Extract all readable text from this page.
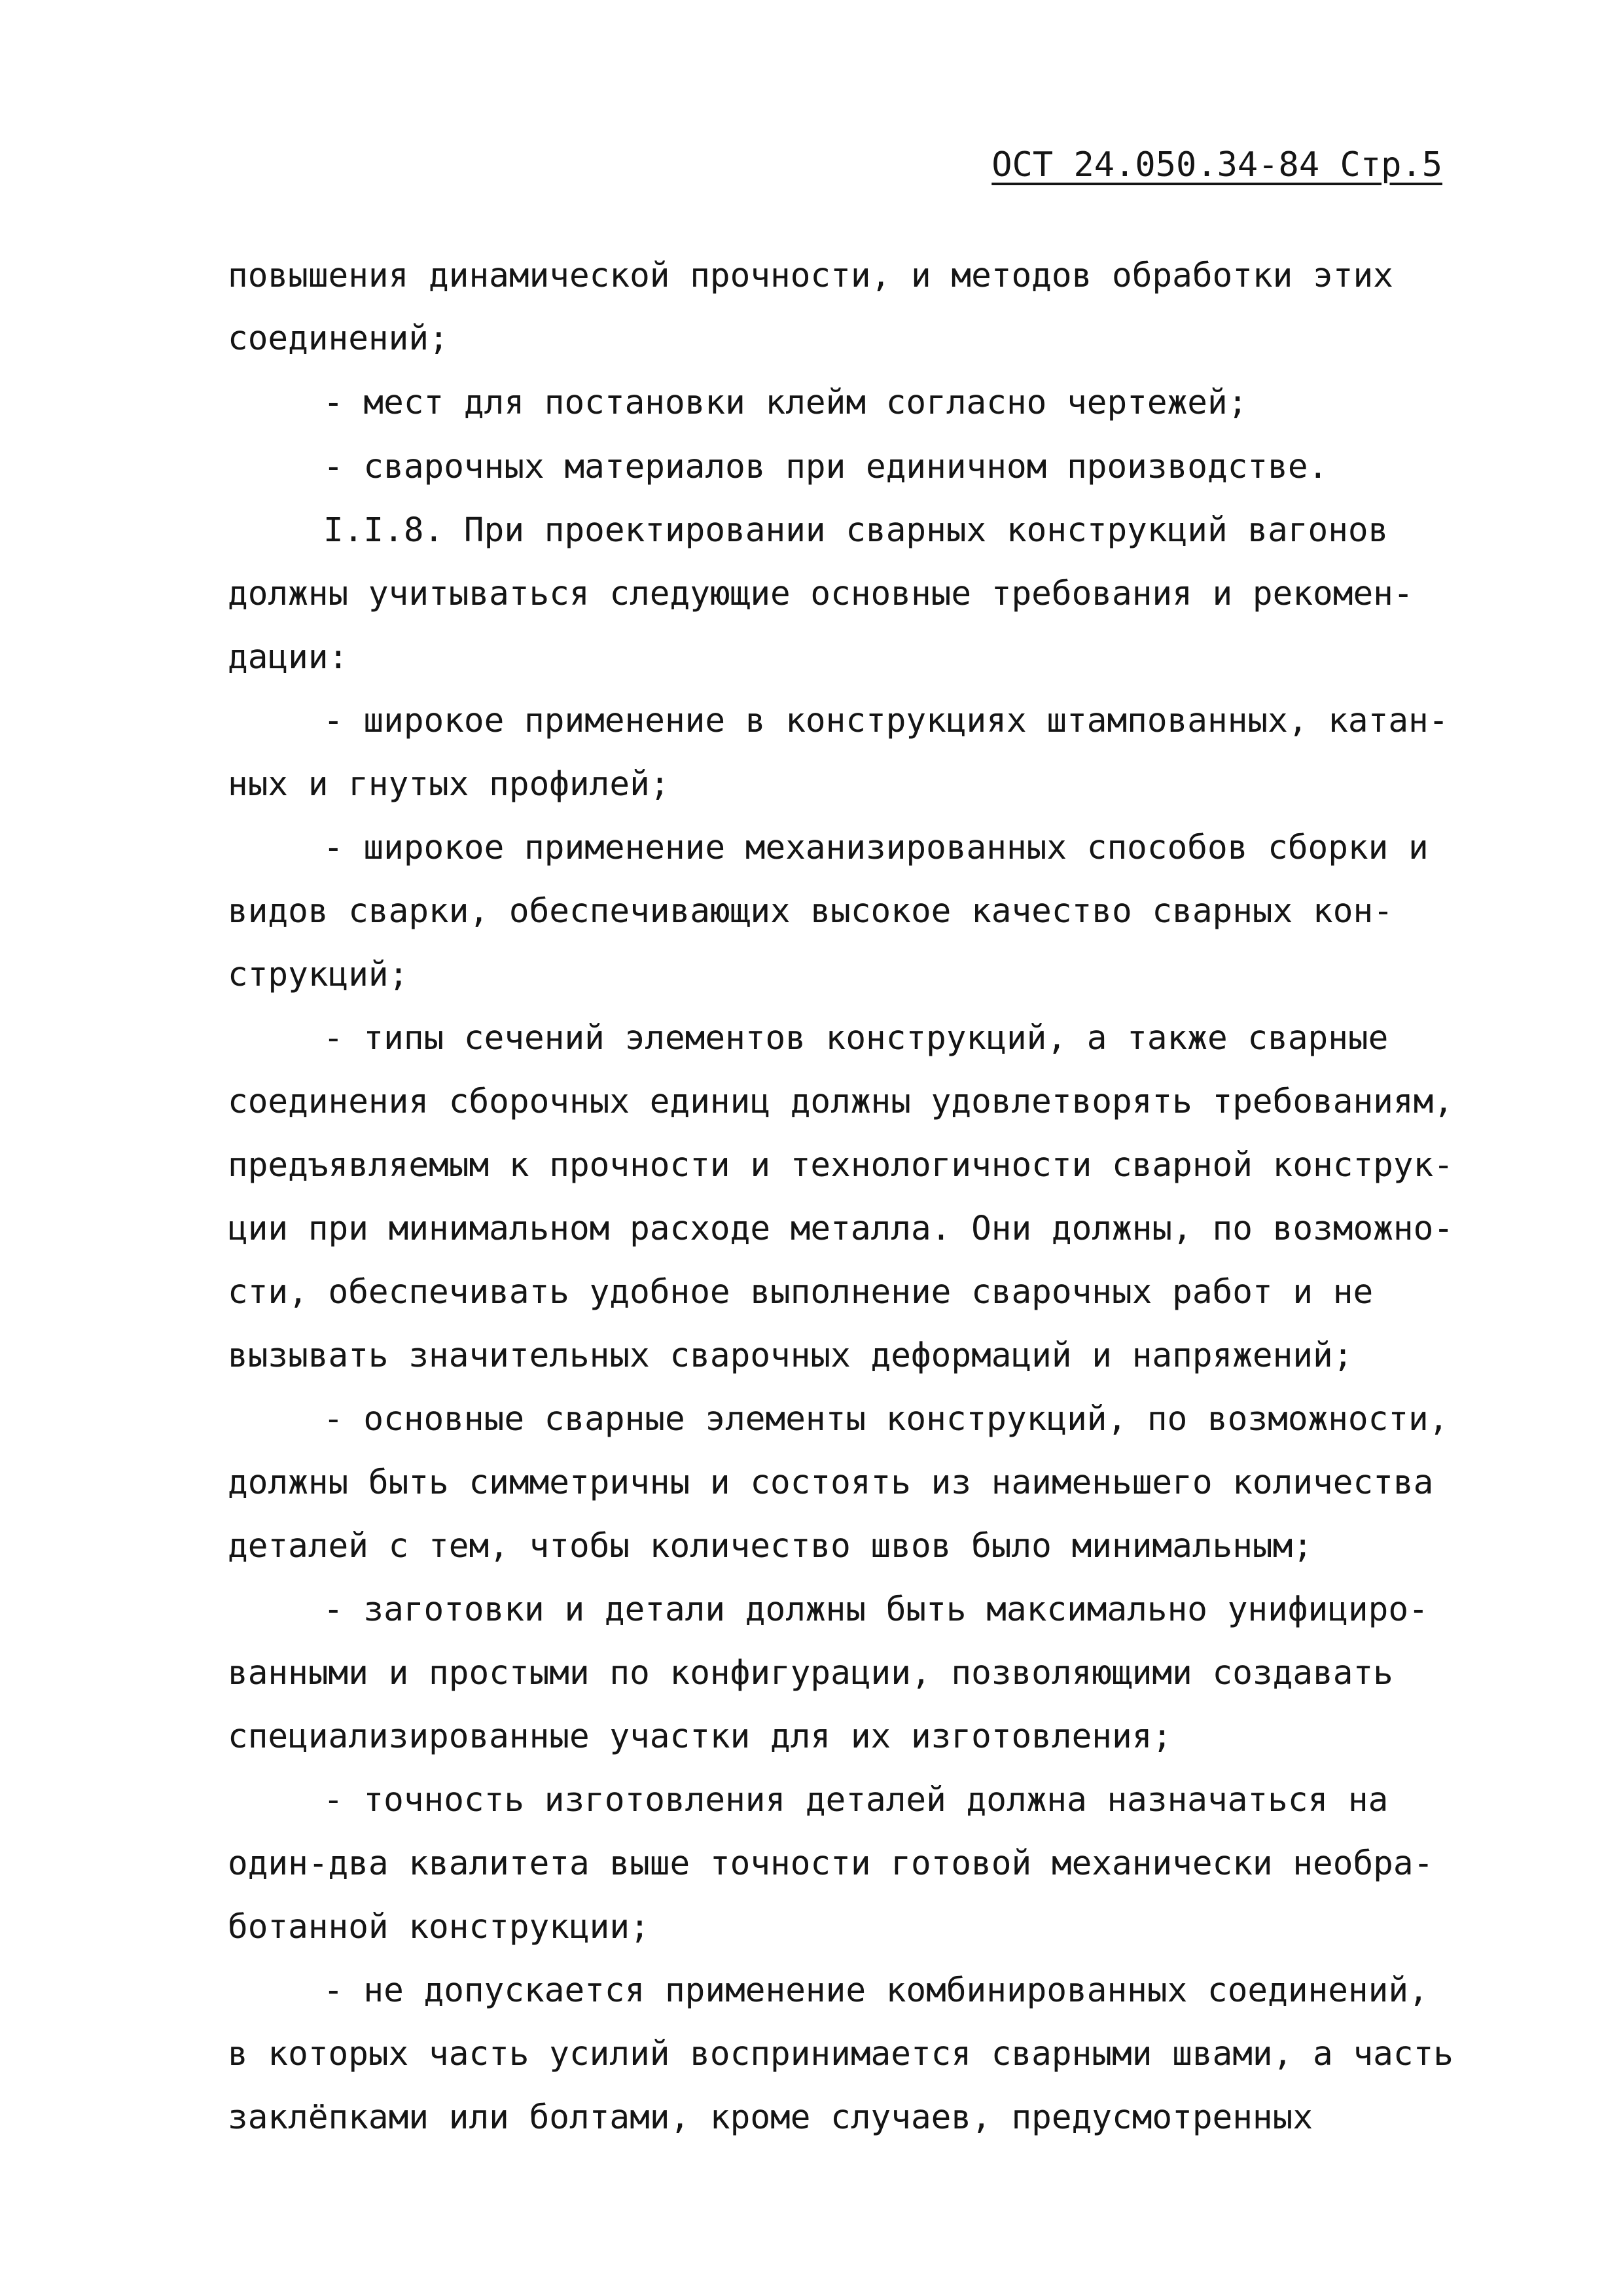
ОСТ 24.050.34-84 Стр.5
повышения динамической прочности, и методов обработки этих
соединений;
- мест для постановки клейм согласно чертежей;
- сварочных материалов при единичном производстве.
I.I.8. При проектировании сварных конструкций вагонов
должны учитываться следующие основные требования и рекомен-
дации:
- широкое применение в конструкциях штампованных, катан-
ных и гнутых профилей;
- широкое применение механизированных способов сборки и
видов сварки, обеспечивающих высокое качество сварных кон-
струкций;
- типы сечений элементов конструкций, а также сварные
соединения сборочных единиц должны удовлетворять требованиям,
предъявляемым к прочности и технологичности сварной конструк-
ции при минимальном расходе металла. Они должны, по возможно-
сти, обеспечивать удобное выполнение сварочных работ и не
вызывать значительных сварочных деформаций и напряжений;
- основные сварные элементы конструкций, по возможности,
должны быть симметричны и состоять из наименьшего количества
деталей с тем, чтобы количество швов было минимальным;
- заготовки и детали должны быть максимально унифициро-
ванными и простыми по конфигурации, позволяющими создавать
специализированные участки для их изготовления;
- точность изготовления деталей должна назначаться на
один-два квалитета выше точности готовой механически необра-
ботанной конструкции;
- не допускается применение комбинированных соединений,
в которых часть усилий воспринимается сварными швами, а часть
заклёпками или болтами, кроме случаев, предусмотренных
